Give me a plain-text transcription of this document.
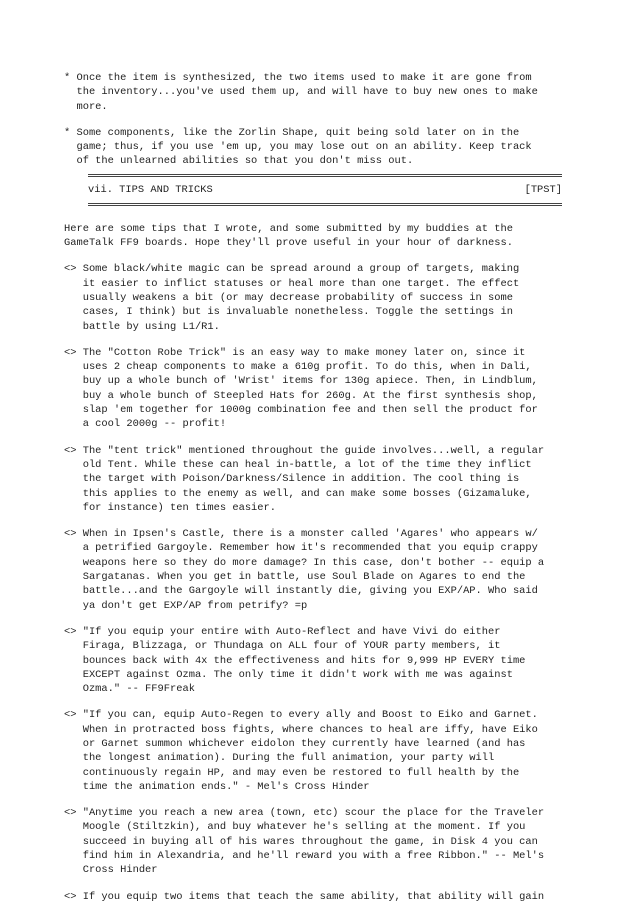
* Once the item is synthesized, the two items used to make it are gone from
the inventory...you've used them up, and will have to buy new ones to make
more.
* Some components, like the Zorlin Shape, quit being sold later on in the
game; thus, if you use 'em up, you may lose out on an ability. Keep track
of the unlearned abilities so that you don't miss out.
vii. TIPS AND TRICKS	[TPST]
Here are some tips that I wrote, and some submitted by my buddies at the
GameTalk FF9 boards. Hope they'll prove useful in your hour of darkness.
<> Some black/white magic can be spread around a group of targets, making
it easier to inflict statuses or heal more than one target. The effect
usually weakens a bit (or may decrease probability of success in some
cases, I think) but is invaluable nonetheless. Toggle the settings in
battle by using L1/R1.
<> The "Cotton Robe Trick" is an easy way to make money later on, since it
uses 2 cheap components to make a 610g profit. To do this, when in Dali,
buy up a whole bunch of 'Wrist' items for 130g apiece. Then, in Lindblum,
buy a whole bunch of Steepled Hats for 260g. At the first synthesis shop,
slap 'em together for 1000g combination fee and then sell the product for
a cool 2000g -- profit!
<> The "tent trick" mentioned throughout the guide involves...well, a regular
old Tent. While these can heal in-battle, a lot of the time they inflict
the target with Poison/Darkness/Silence in addition. The cool thing is
this applies to the enemy as well, and can make some bosses (Gizamaluke,
for instance) ten times easier.
<> When in Ipsen's Castle, there is a monster called 'Agares' who appears w/
a petrified Gargoyle. Remember how it's recommended that you equip crappy
weapons here so they do more damage? In this case, don't bother -- equip a
Sargatanas. When you get in battle, use Soul Blade on Agares to end the
battle...and the Gargoyle will instantly die, giving you EXP/AP. Who said
ya don't get EXP/AP from petrify? =p
<> "If you equip your entire with Auto-Reflect and have Vivi do either
Firaga, Blizzaga, or Thundaga on ALL four of YOUR party members, it
bounces back with 4x the effectiveness and hits for 9,999 HP EVERY time
EXCEPT against Ozma. The only time it didn't work with me was against
Ozma." -- FF9Freak
<> "If you can, equip Auto-Regen to every ally and Boost to Eiko and Garnet.
When in protracted boss fights, where chances to heal are iffy, have Eiko
or Garnet summon whichever eidolon they currently have learned (and has
the longest animation). During the full animation, your party will
continuously regain HP, and may even be restored to full health by the
time the animation ends." - Mel's Cross Hinder
<> "Anytime you reach a new area (town, etc) scour the place for the Traveler
Moogle (Stiltzkin), and buy whatever he's selling at the moment. If you
succeed in buying all of his wares throughout the game, in Disk 4 you can
find him in Alexandria, and he'll reward you with a free Ribbon." -- Mel's
Cross Hinder
<> If you equip two items that teach the same ability, that ability will gain
